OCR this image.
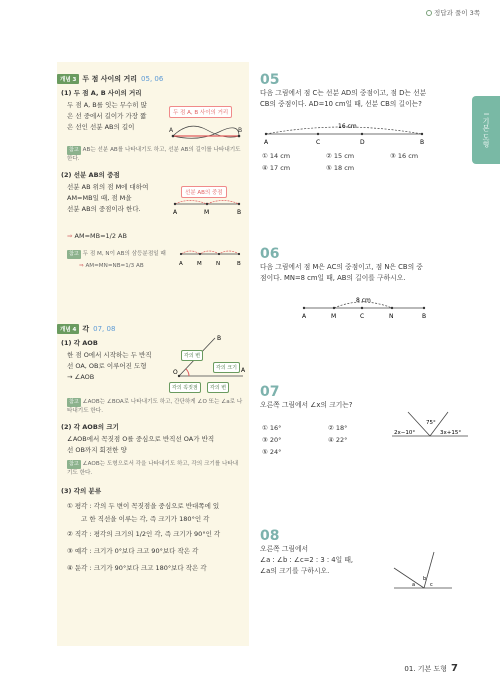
정답과 풀이 3쪽
I 기본 도형
개념 3 두 점 사이의 거리 05, 06
(1) 두 점 A, B 사이의 거리
두 점 A, B를 잇는 무수히 많
은 선 중에서 길이가 가장 짧
은 선인 선분 AB의 길이
두 점 A, B 사이의 거리
A	B
참고 AB는 선분 AB를 나타내기도 하고, 선분 AB의 길이를 나타내기도 한다.
(2) 선분 AB의 중점
선분 AB 위의 점 M에 대하여
AM=MB일 때, 점 M을
선분 AB의 중점이라 한다.
선분 AB의 중점
A	M	B
⇒ AM=MB=1/2 AB
참고 두 점 M, N이 AB의 삼등분점일 때
⇒ AM=MN=NB=1/3 AB	A	M	N	B
개념 4 각 07, 08
(1) 각 AOB
한 점 O에서 시작하는 두 반직
선 OA, OB로 이루어진 도형
→ ∠AOB
O
B
A
각의 변
각의 크기
각의 꼭짓점	각의 변
참고 ∠AOB는 ∠BOA로 나타내기도 하고, 간단하게 ∠O 또는 ∠a로 나타내기도 한다.
(2) 각 AOB의 크기
∠AOB에서 꼭짓점 O를 중심으로 반직선 OA가 반직
선 OB까지 회전한 양
참고 ∠AOB는 도형으로서 각을 나타내기도 하고, 각의 크기를 나타내기도 한다.
(3) 각의 분류
① 평각 : 각의 두 변이 꼭짓점을 중심으로 반대쪽에 있
고 한 직선을 이루는 각, 즉 크기가 180°인 각
② 직각 : 평각의 크기의 1/2인 각, 즉 크기가 90°인 각
③ 예각 : 크기가 0°보다 크고 90°보다 작은 각
④ 둔각 : 크기가 90°보다 크고 180°보다 작은 각
05
다음 그림에서 점 C는 선분 AD의 중점이고, 점 D는 선분
CB의 중점이다. AD=10 cm일 때, 선분 CB의 길이는?
16 cm
A	C	D	B
① 14 cm	② 15 cm	③ 16 cm
④ 17 cm	⑤ 18 cm
06
다음 그림에서 점 M은 AC의 중점이고, 점 N은 CB의 중
점이다. MN=8 cm일 때, AB의 길이를 구하시오.
8 cm
A	M	C	N	B
07
오른쪽 그림에서 ∠x의 크기는?
① 16°	② 18°
③ 20°	④ 22°
⑤ 24°
2x−10°
75°
3x+15°
08
오른쪽 그림에서
∠a : ∠b : ∠c=2 : 3 : 4일 때,
∠a의 크기를 구하시오.
a
b
c
01. 기본 도형 7
